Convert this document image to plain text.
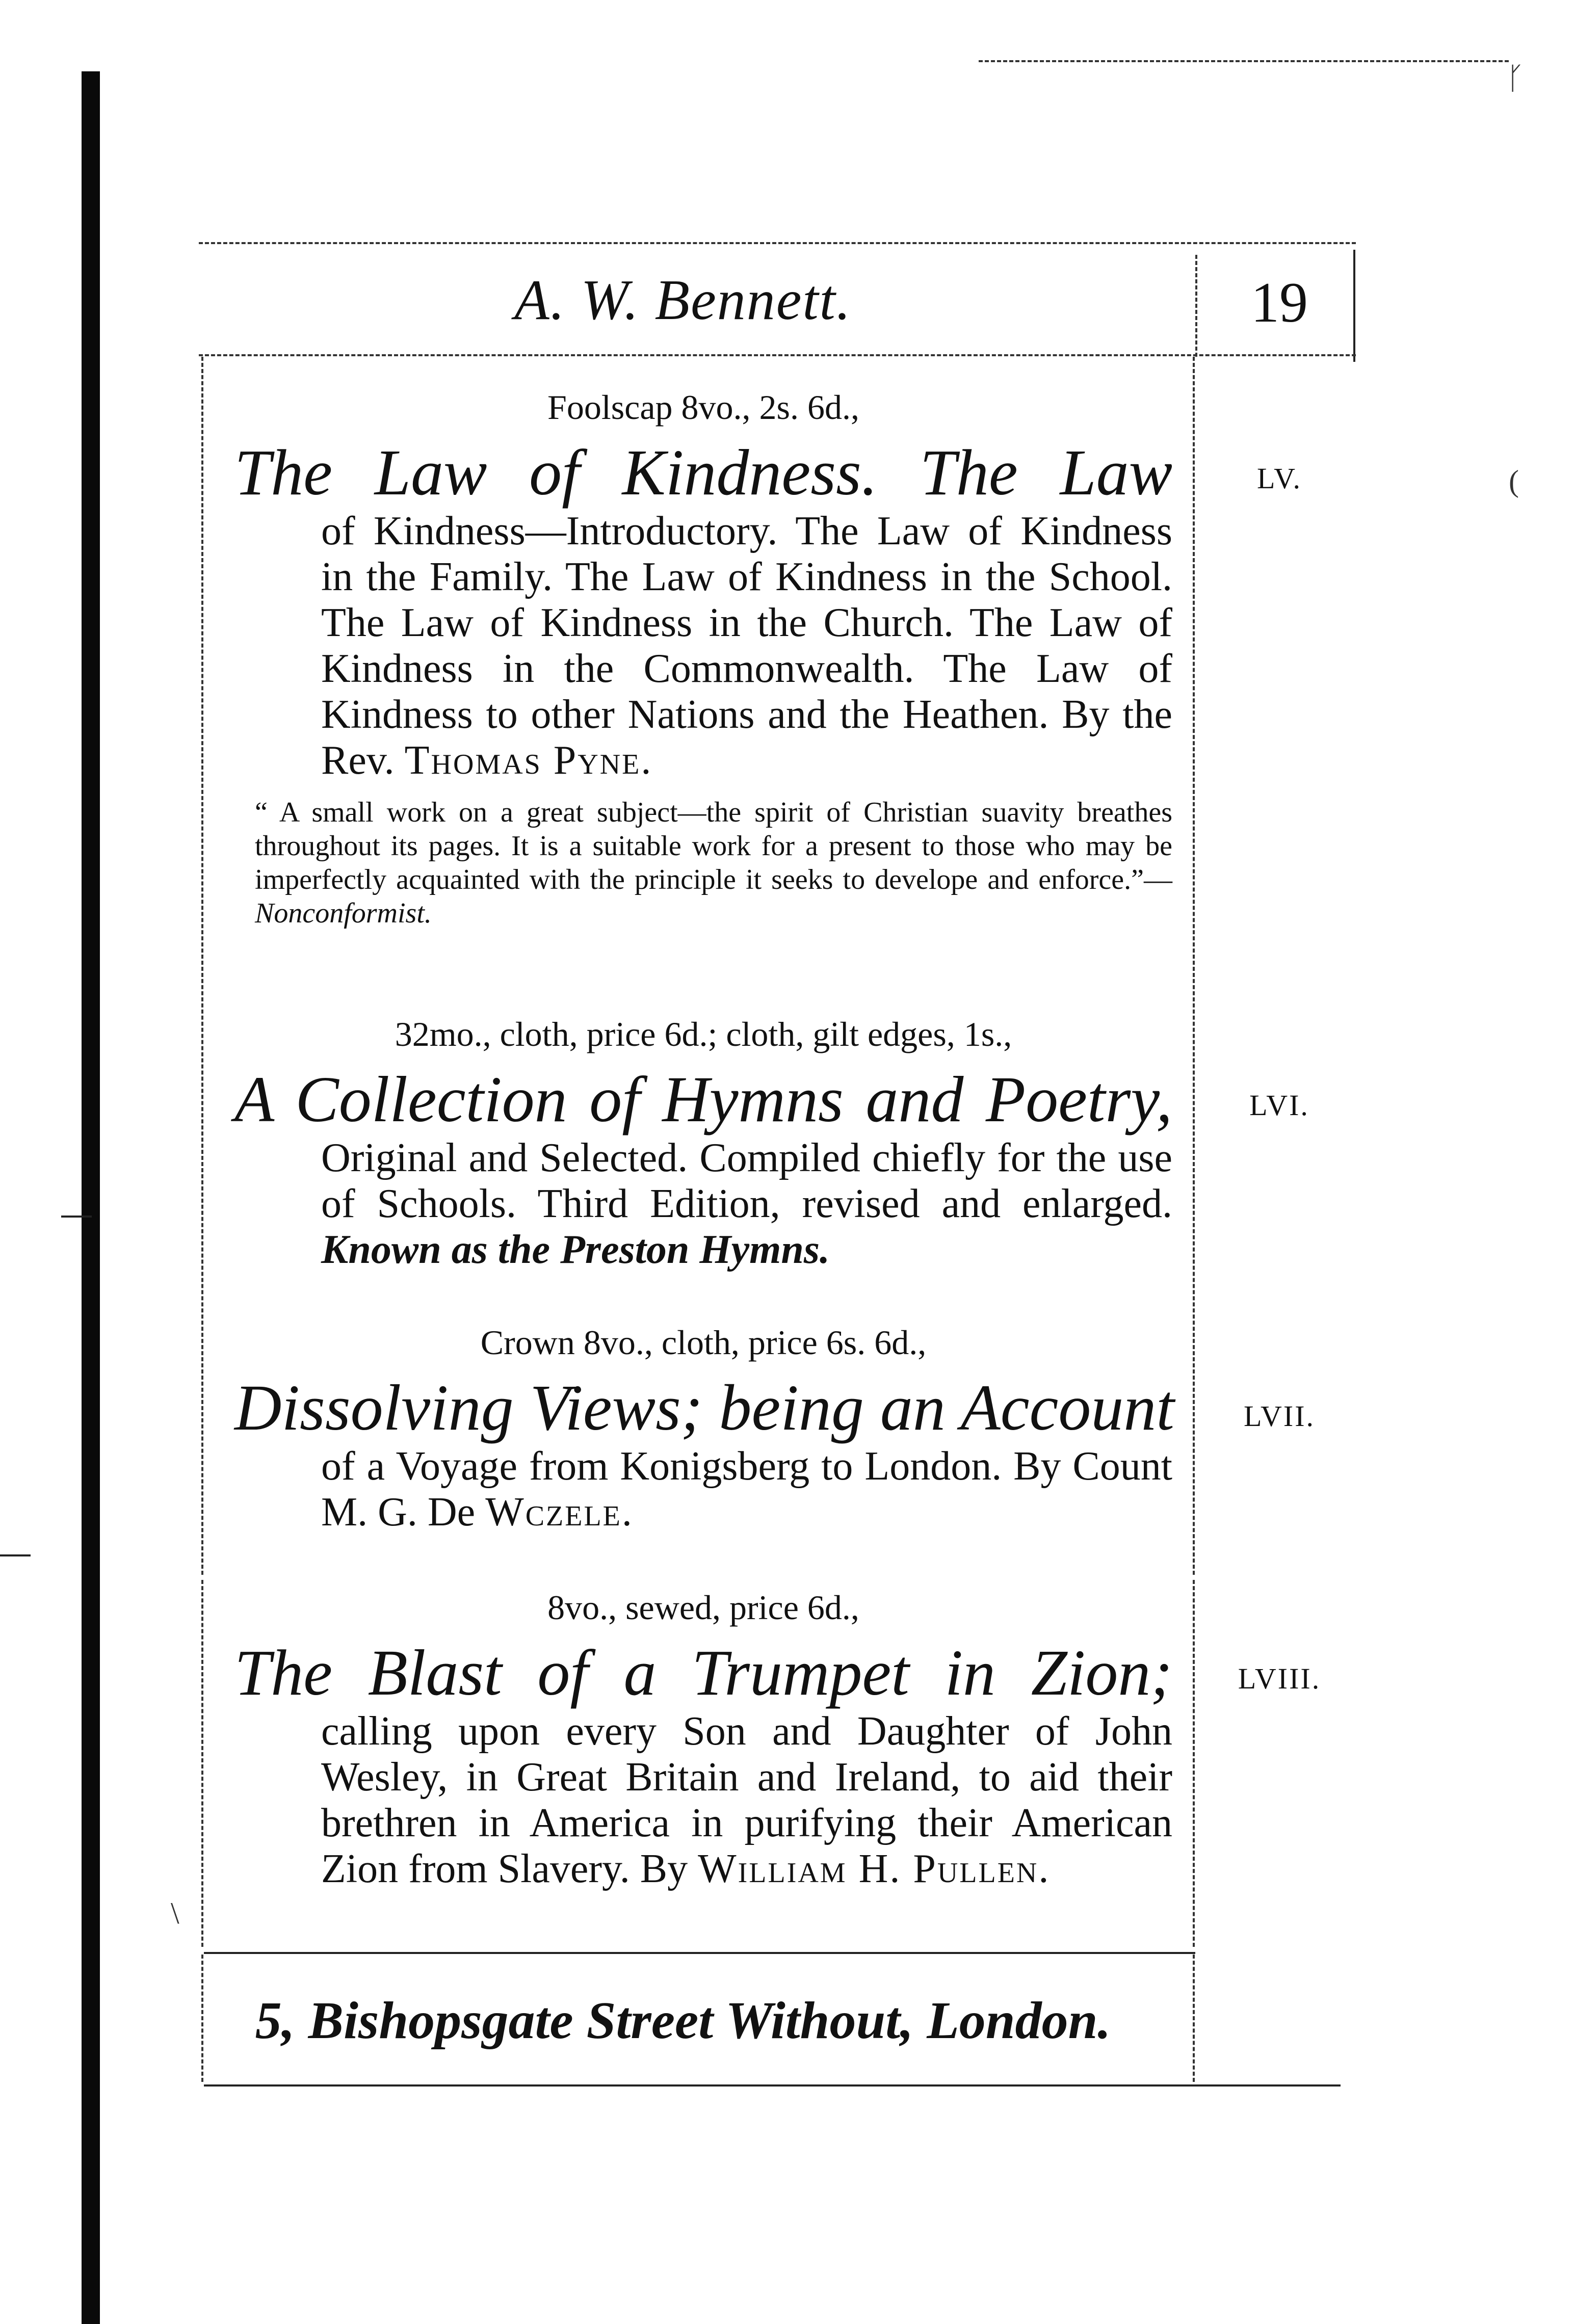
ᚴ
(
\
A. W. Bennett.	19
Foolscap 8vo., 2s. 6d.,
The Law of Kindness. The Law
of Kindness—Introductory. The Law of Kindness in the Family. The Law of Kindness in the School. The Law of Kindness in the Church. The Law of Kindness in the Commonwealth. The Law of Kindness to other Nations and the Heathen. By the Rev. Thomas Pyne.
“ A small work on a great subject—the spirit of Christian suavity breathes throughout its pages. It is a suitable work for a present to those who may be imperfectly acquainted with the principle it seeks to develope and enforce.”—Nonconformist.
LV.
32mo., cloth, price 6d.; cloth, gilt edges, 1s.,
A Collection of Hymns and Poetry,
Original and Selected. Compiled chiefly for the use of Schools. Third Edition, revised and enlarged. Known as the Preston Hymns.
LVI.
Crown 8vo., cloth, price 6s. 6d.,
Dissolving Views; being an Account
of a Voyage from Konigsberg to London. By Count M. G. De Wczele.
LVII.
8vo., sewed, price 6d.,
The Blast of a Trumpet in Zion;
calling upon every Son and Daughter of John Wesley, in Great Britain and Ireland, to aid their brethren in America in purifying their American Zion from Slavery. By William H. Pullen.
LVIII.
5, Bishopsgate Street Without, London.
